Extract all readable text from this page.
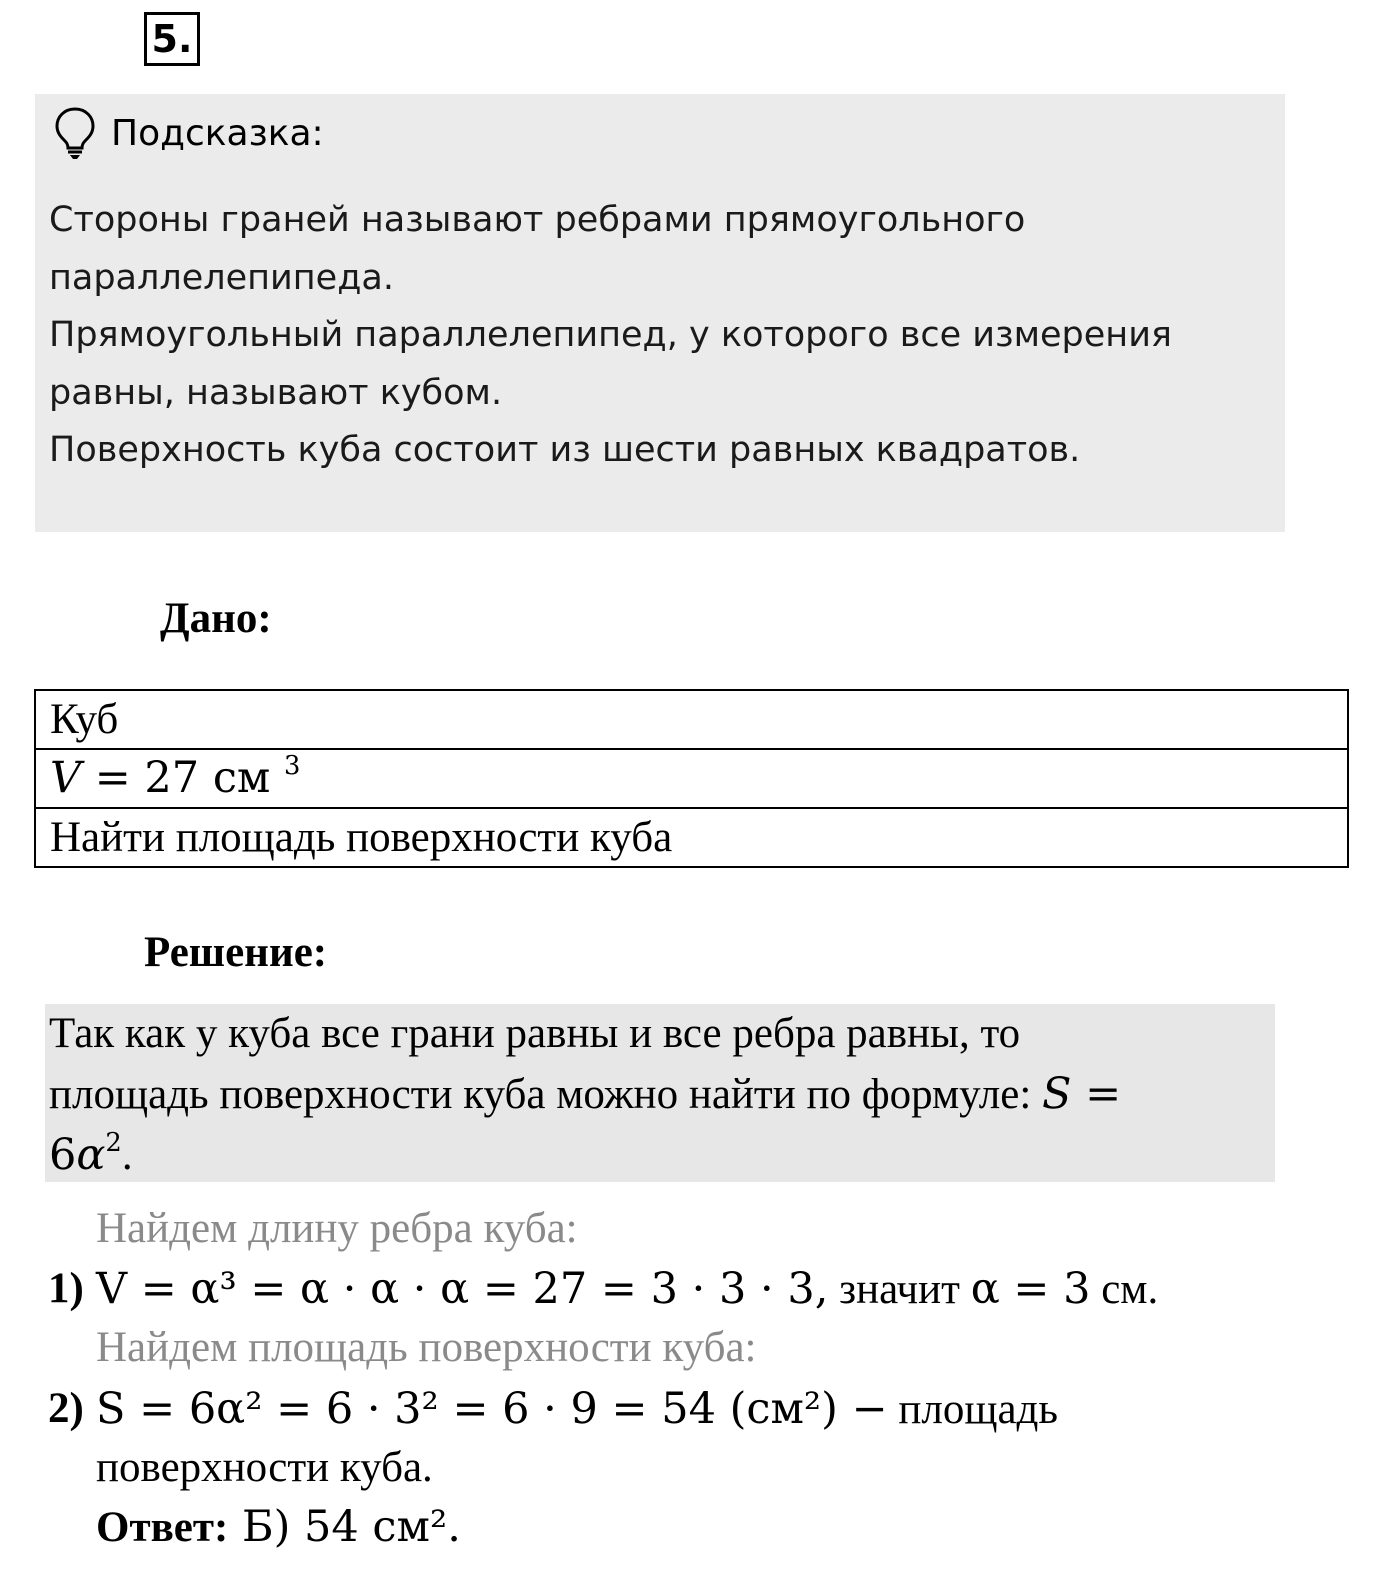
5.
Подсказка:
Стороны граней называют ребрами прямоугольного
параллелепипеда.
Прямоугольный параллелепипед, у которого все измерения
равны, называют кубом.
Поверхность куба состоит из шести равных квадратов.
Дано:
Куб
V = 27 см $^3$
Найти площадь поверхности куба
Решение:
Так как у куба все грани равны и все ребра равны, то
площадь поверхности куба можно найти по формуле: S =
$6\alpha^2$.
Найдем длину ребра куба:
1) V = α³ = α · α · α = 27 = 3 · 3 · 3, значит α = 3 см.
Найдем площадь поверхности куба:
2) S = 6α² = 6 · 3² = 6 · 9 = 54 (см²) − площадь
поверхности куба.
Ответ: Б) 54 см².
